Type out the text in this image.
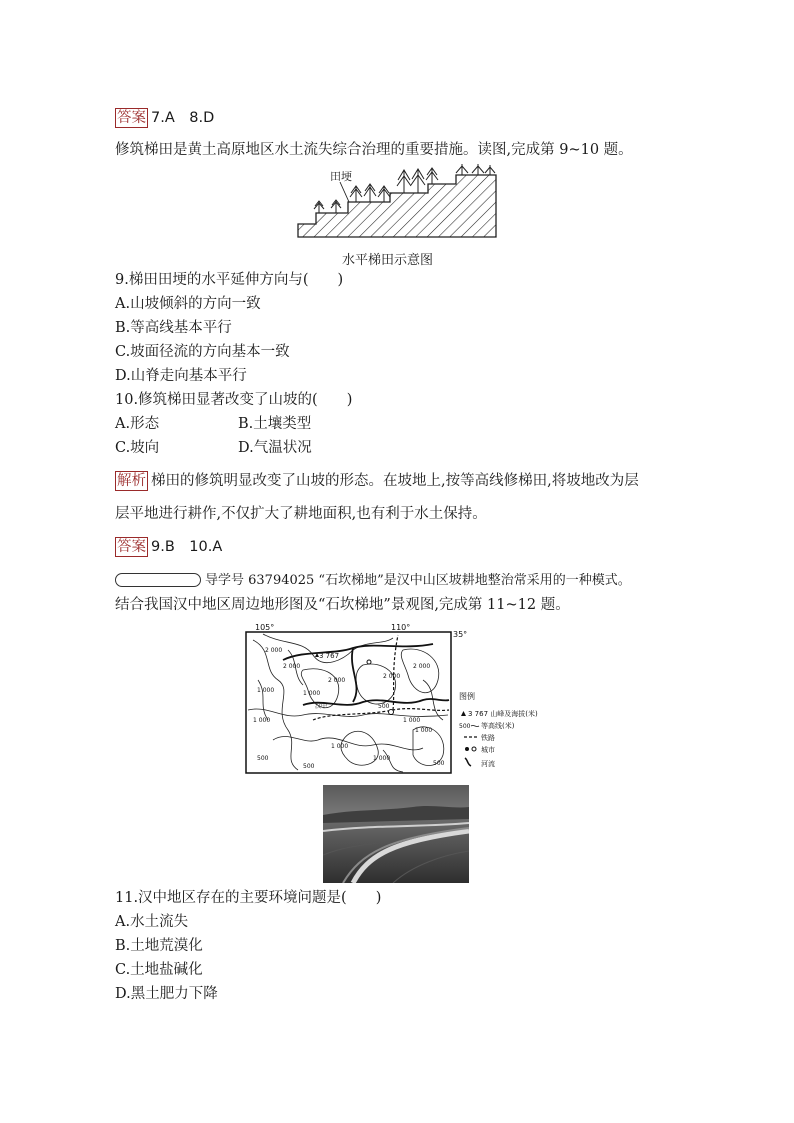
答案 7.A　8.D
修筑梯田是黄土高原地区水土流失综合治理的重要措施。读图,完成第 9~10 题。
田埂
水平梯田示意图
9.梯田田埂的水平延伸方向与(　　)
A.山坡倾斜的方向一致
B.等高线基本平行
C.坡面径流的方向基本一致
D.山脊走向基本平行
10.修筑梯田显著改变了山坡的(　　)
A.形态	B.土壤类型
C.坡向	D.气温状况
解析 梯田的修筑明显改变了山坡的形态。在坡地上,按等高线修梯田,将坡地改为层
层平地进行耕作,不仅扩大了耕地面积,也有利于水土保持。
答案 9.B　10.A
导学号 63794025 “石坎梯地”是汉中山区坡耕地整治常采用的一种模式。
结合我国汉中地区周边地形图及“石坎梯地”景观图,完成第 11~12 题。
105°	110°
35°
3 767
汉中
2 000
2 000
1 000	1 000
2 000
1 000
500
1 000
500
1 000
2 000
1 000
500	500
2 000
1 000
图例
3 767 山峰及海拔(米)
500 等高线(米)
铁路
城市
河流
11.汉中地区存在的主要环境问题是(　　)
A.水土流失
B.土地荒漠化
C.土地盐碱化
D.黑土肥力下降
